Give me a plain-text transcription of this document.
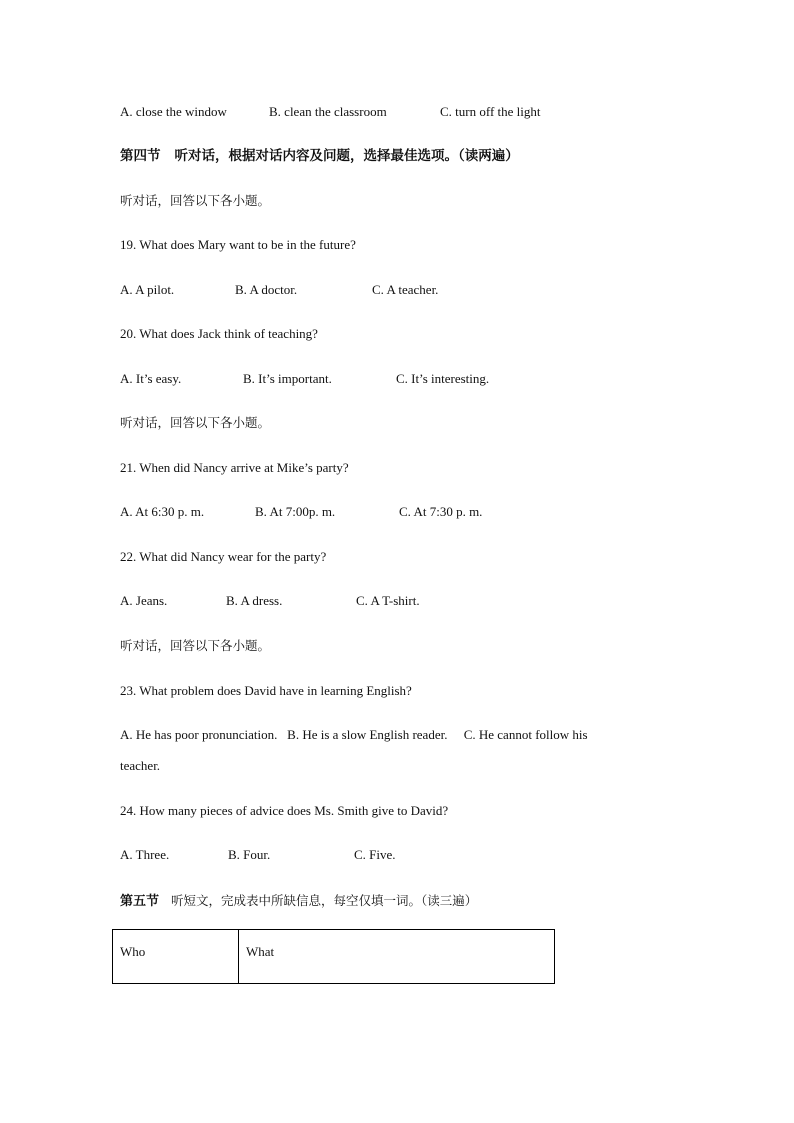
A. close the window	B. clean the classroom	C. turn off the light
第四节 听对话，根据对话内容及问题，选择最佳选项。（读两遍）
听对话，回答以下各小题。
19. What does Mary want to be in the future?
A. A pilot.	B. A doctor.	C. A teacher.
20. What does Jack think of teaching?
A. It’s easy.	B. It’s important.	C. It’s interesting.
听对话，回答以下各小题。
21. When did Nancy arrive at Mike’s party?
A. At 6:30 p. m.	B. At 7:00p. m.	C. At 7:30 p. m.
22. What did Nancy wear for the party?
A. Jeans.	B. A dress.	C. A T-shirt.
听对话，回答以下各小题。
23. What problem does David have in learning English?
A. He has poor pronunciation.   B. He is a slow English reader.     C. He cannot follow his
teacher.
24. How many pieces of advice does Ms. Smith give to David?
A. Three.	B. Four.	C. Five.
第五节 听短文，完成表中所缺信息，每空仅填一词。（读三遍）
Who	What
